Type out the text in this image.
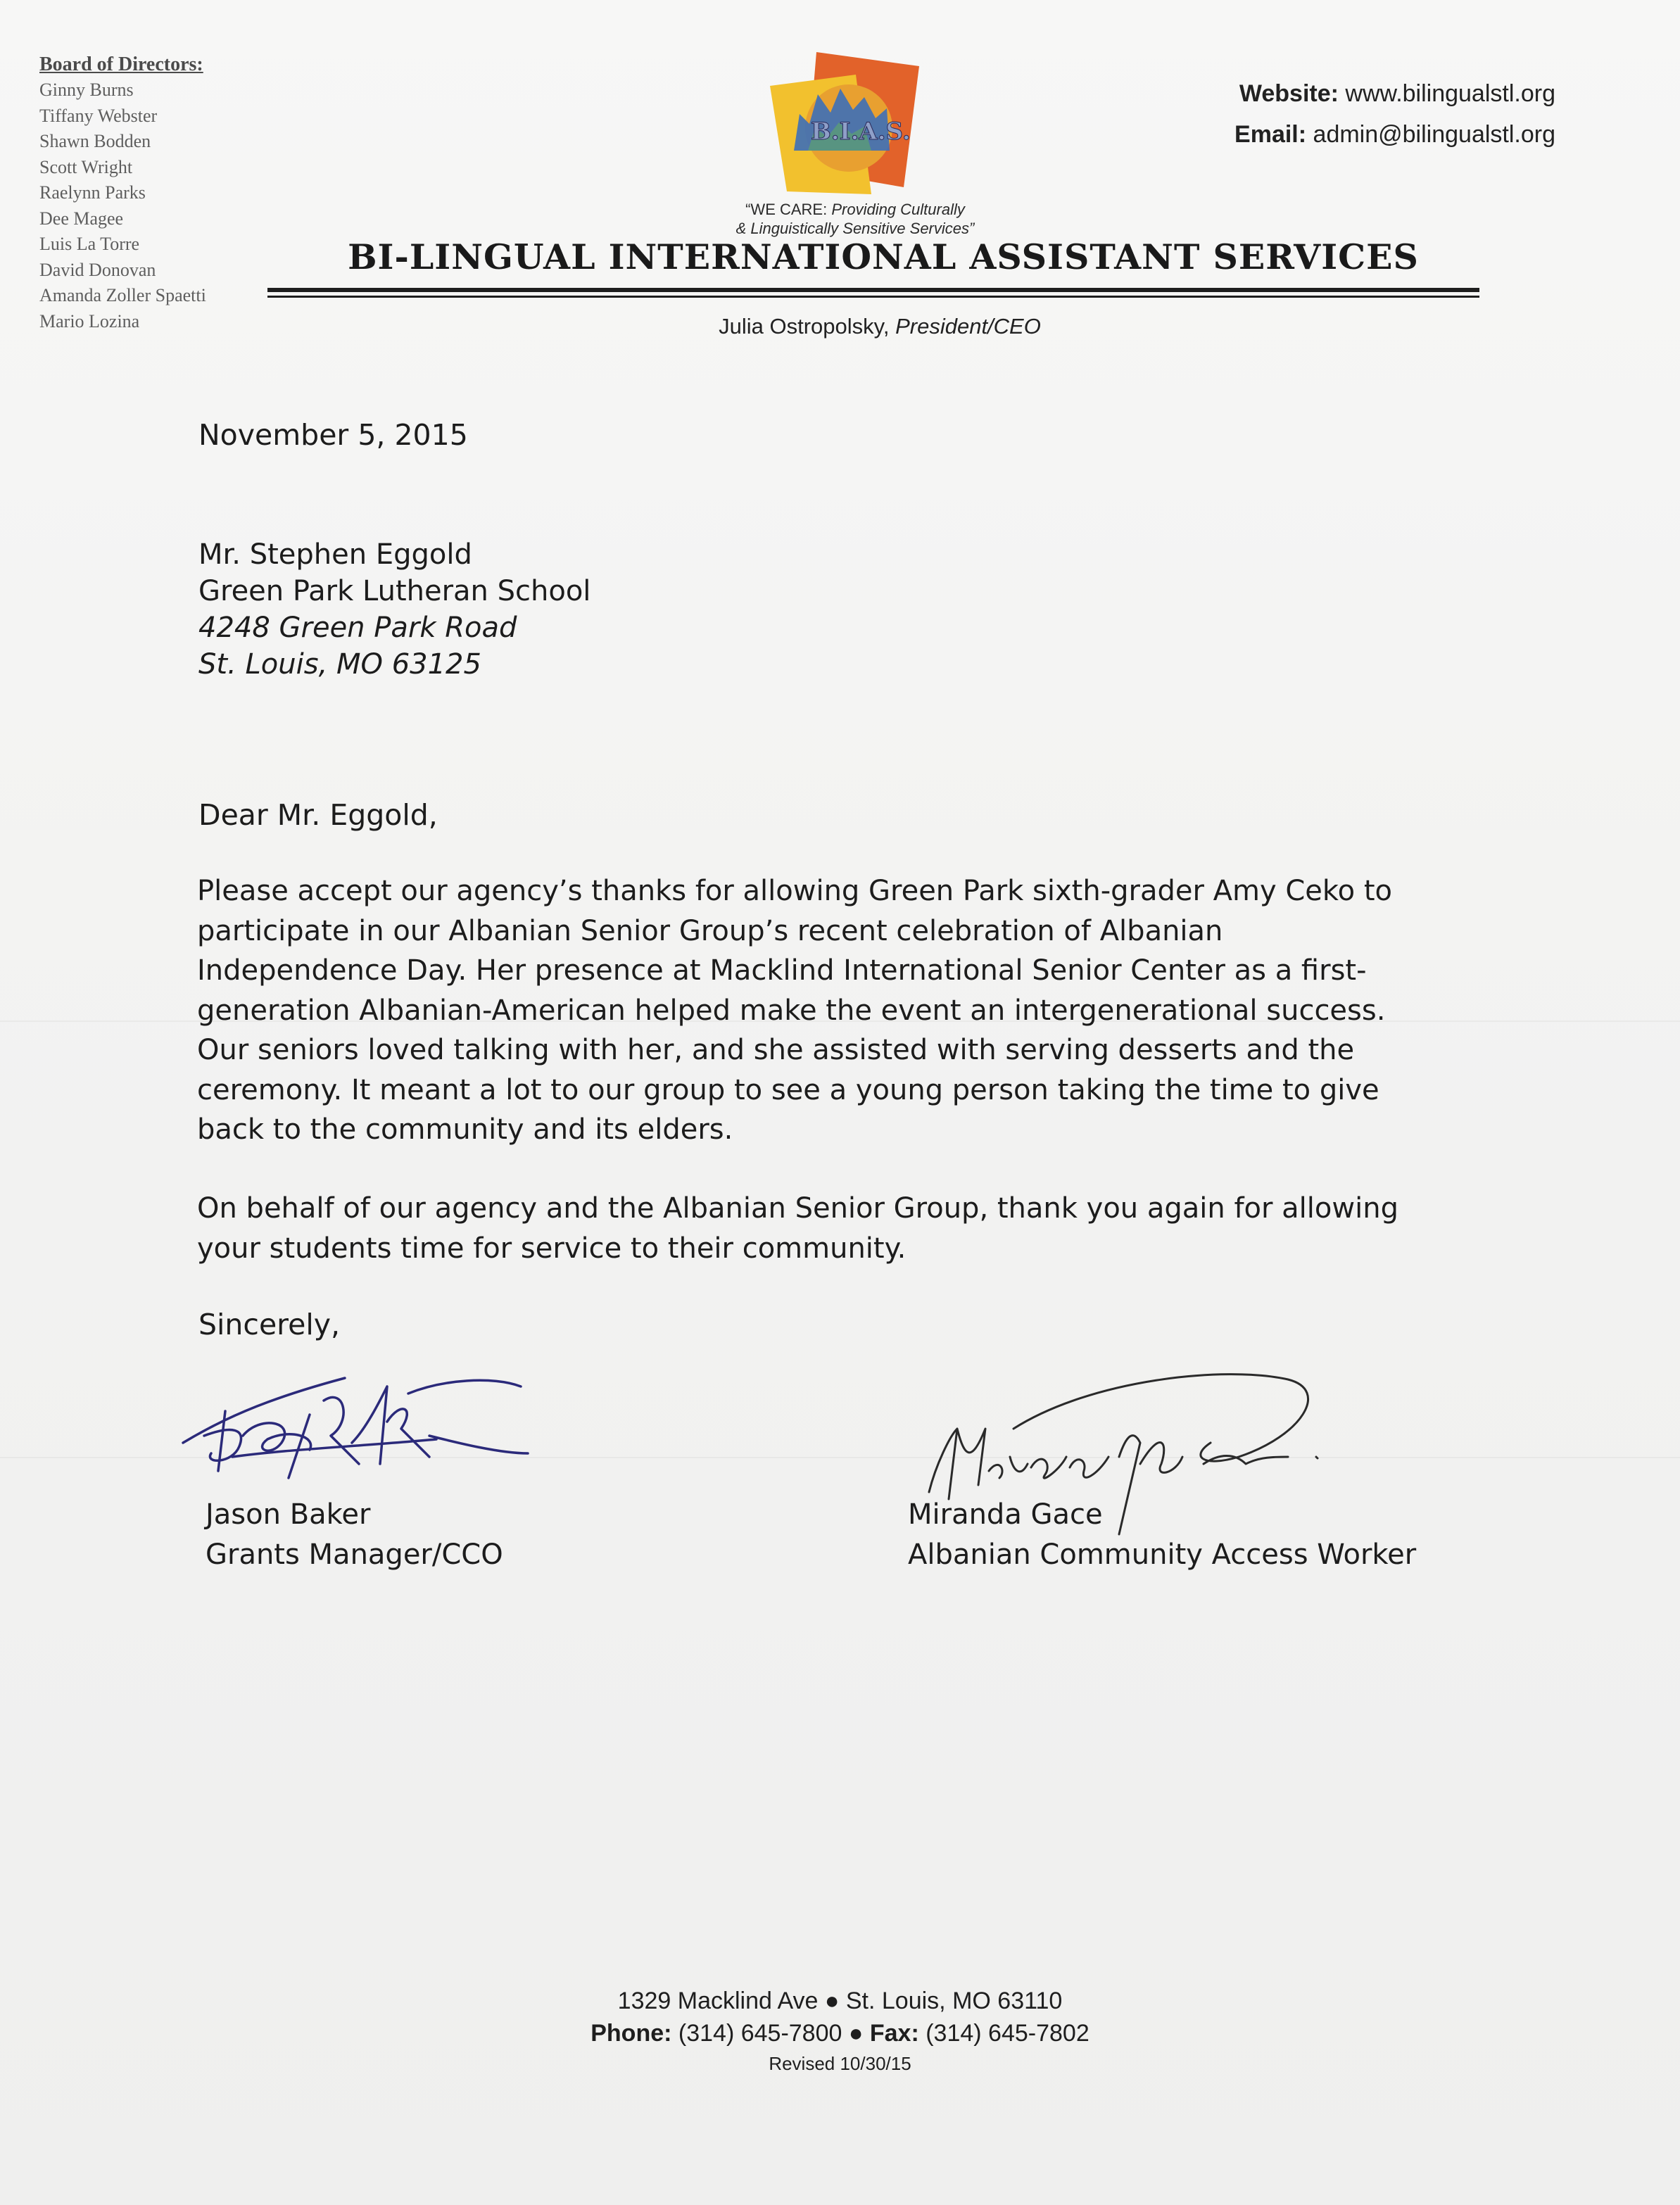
Board of Directors:
Ginny Burns
Tiffany Webster
Shawn Bodden
Scott Wright
Raelynn Parks
Dee Magee
Luis La Torre
David Donovan
Amanda Zoller Spaetti
Mario Lozina
B.I.A.S.
“WE CARE: Providing Culturally
& Linguistically Sensitive Services”
BI-LINGUAL INTERNATIONAL ASSISTANT SERVICES
Julia Ostropolsky, President/CEO
Website: www.bilingualstl.org
Email: admin@bilingualstl.org
November 5, 2015
Mr. Stephen Eggold
Green Park Lutheran School
4248 Green Park Road
St. Louis, MO 63125
Dear Mr. Eggold,
Please accept our agency’s thanks for allowing Green Park sixth-grader Amy Ceko to
participate in our Albanian Senior Group’s recent celebration of Albanian
Independence Day. Her presence at Macklind International Senior Center as a first-
generation Albanian-American helped make the event an intergenerational success.
Our seniors loved talking with her, and she assisted with serving desserts and the
ceremony. It meant a lot to our group to see a young person taking the time to give
back to the community and its elders.
On behalf of our agency and the Albanian Senior Group, thank you again for allowing
your students time for service to their community.
Sincerely,
Jason Baker
Grants Manager/CCO
Miranda Gace
Albanian Community Access Worker
1329 Macklind Ave ● St. Louis, MO 63110
Phone: (314) 645-7800 ● Fax: (314) 645-7802
Revised 10/30/15
